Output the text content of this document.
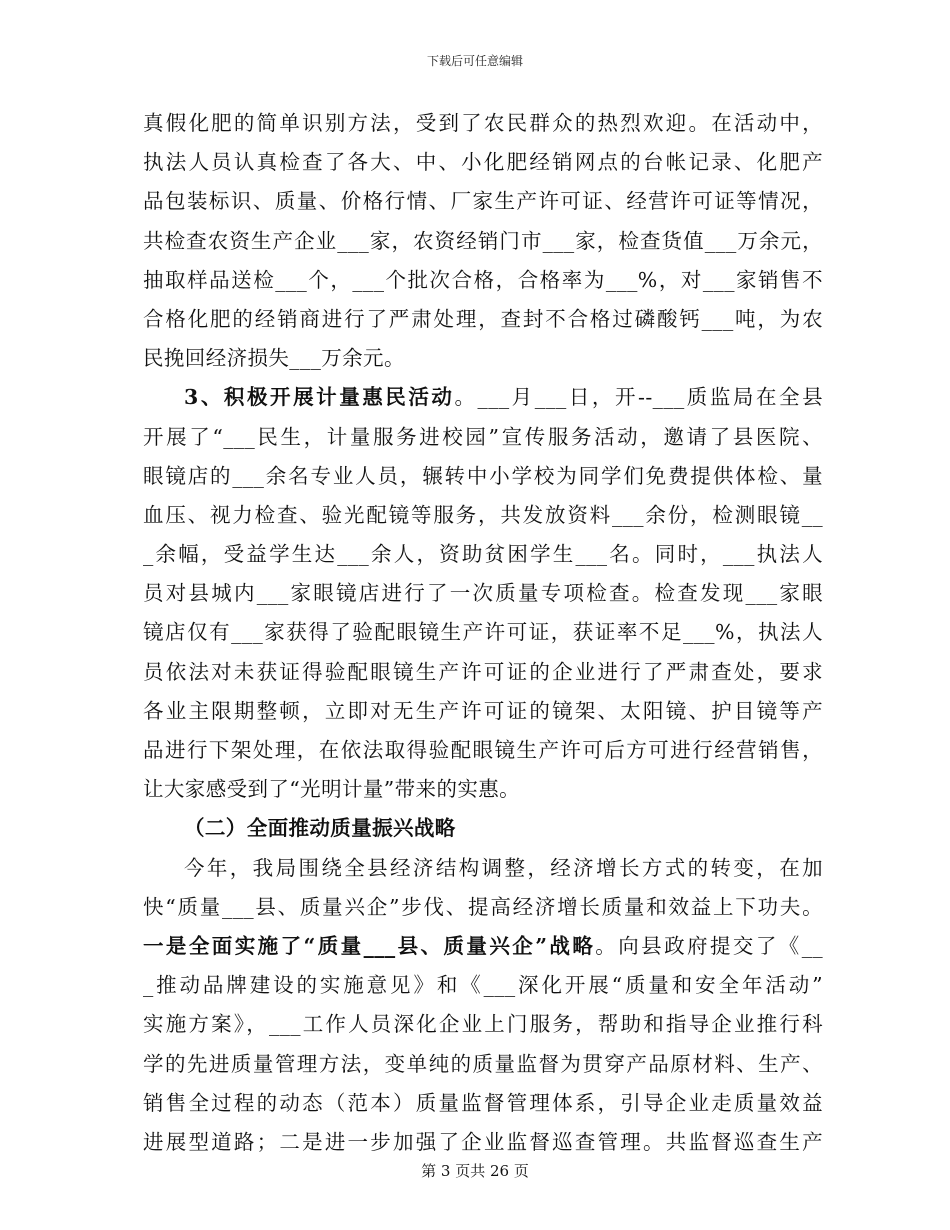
下载后可任意编辑
真假化肥的简单识别方法，受到了农民群众的热烈欢迎。在活动中，
执法人员认真检查了各大、中、小化肥经销网点的台帐记录、化肥产
品包装标识、质量、价格行情、厂家生产许可证、经营许可证等情况，
共检查农资生产企业___家，农资经销门市___家，检查货值___万余元，
抽取样品送检___个，___个批次合格，合格率为___%，对___家销售不
合格化肥的经销商进行了严肃处理，查封不合格过磷酸钙___吨，为农
民挽回经济损失___万余元。
3、积极开展计量惠民活动。___月___日，开--___质监局在全县
开展了“___民生，计量服务进校园”宣传服务活动，邀请了县医院、
眼镜店的___余名专业人员，辗转中小学校为同学们免费提供体检、量
血压、视力检查、验光配镜等服务，共发放资料___余份，检测眼镜__
_余幅，受益学生达___余人，资助贫困学生___名。同时，___执法人
员对县城内___家眼镜店进行了一次质量专项检查。检查发现___家眼
镜店仅有___家获得了验配眼镜生产许可证，获证率不足___%，执法人
员依法对未获证得验配眼镜生产许可证的企业进行了严肃查处，要求
各业主限期整顿，立即对无生产许可证的镜架、太阳镜、护目镜等产
品进行下架处理，在依法取得验配眼镜生产许可后方可进行经营销售，
让大家感受到了“光明计量”带来的实惠。
（二）全面推动质量振兴战略
今年，我局围绕全县经济结构调整，经济增长方式的转变，在加
快“质量___县、质量兴企”步伐、提高经济增长质量和效益上下功夫。
一是全面实施了“质量___县、质量兴企”战略。向县政府提交了《__
_推动品牌建设的实施意见》和《___深化开展“质量和安全年活动”
实施方案》，___工作人员深化企业上门服务，帮助和指导企业推行科
学的先进质量管理方法，变单纯的质量监督为贯穿产品原材料、生产、
销售全过程的动态（范本）质量监督管理体系，引导企业走质量效益
进展型道路；二是进一步加强了企业监督巡查管理。共监督巡查生产
第 3 页共 26 页
